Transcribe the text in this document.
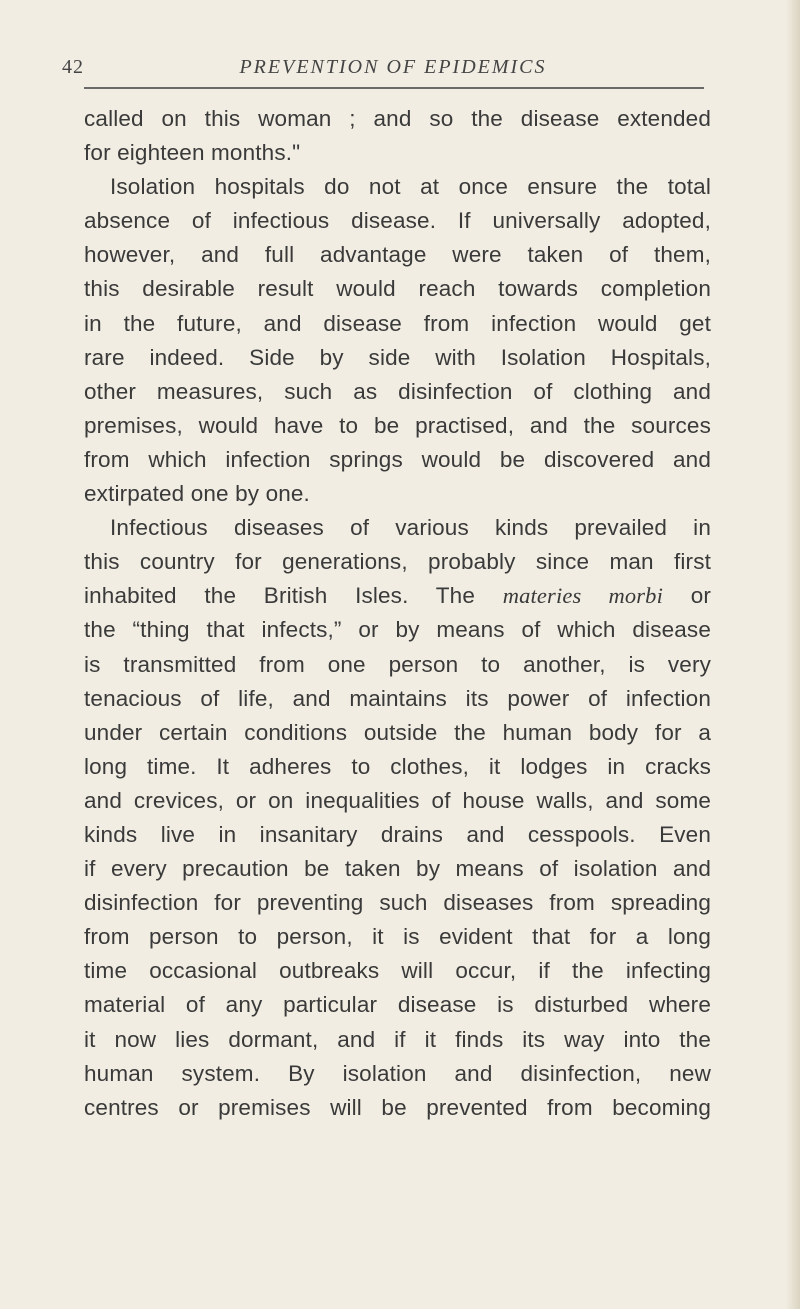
42	PREVENTION OF EPIDEMICS
called on this woman ; and so the disease extended
for eighteen months."
Isolation hospitals do not at once ensure the total
absence of infectious disease. If universally adopted,
however, and full advantage were taken of them,
this desirable result would reach towards completion
in the future, and disease from infection would get
rare indeed. Side by side with Isolation Hospitals,
other measures, such as disinfection of clothing and
premises, would have to be practised, and the sources
from which infection springs would be discovered and
extirpated one by one.
Infectious diseases of various kinds prevailed in
this country for generations, probably since man first
inhabited the British Isles. The materies morbi or
the “thing that infects,” or by means of which disease
is transmitted from one person to another, is very
tenacious of life, and maintains its power of infection
under certain conditions outside the human body for a
long time. It adheres to clothes, it lodges in cracks
and crevices, or on inequalities of house walls, and some
kinds live in insanitary drains and cesspools. Even
if every precaution be taken by means of isolation and
disinfection for preventing such diseases from spreading
from person to person, it is evident that for a long
time occasional outbreaks will occur, if the infecting
material of any particular disease is disturbed where
it now lies dormant, and if it finds its way into the
human system. By isolation and disinfection, new
centres or premises will be prevented from becoming
